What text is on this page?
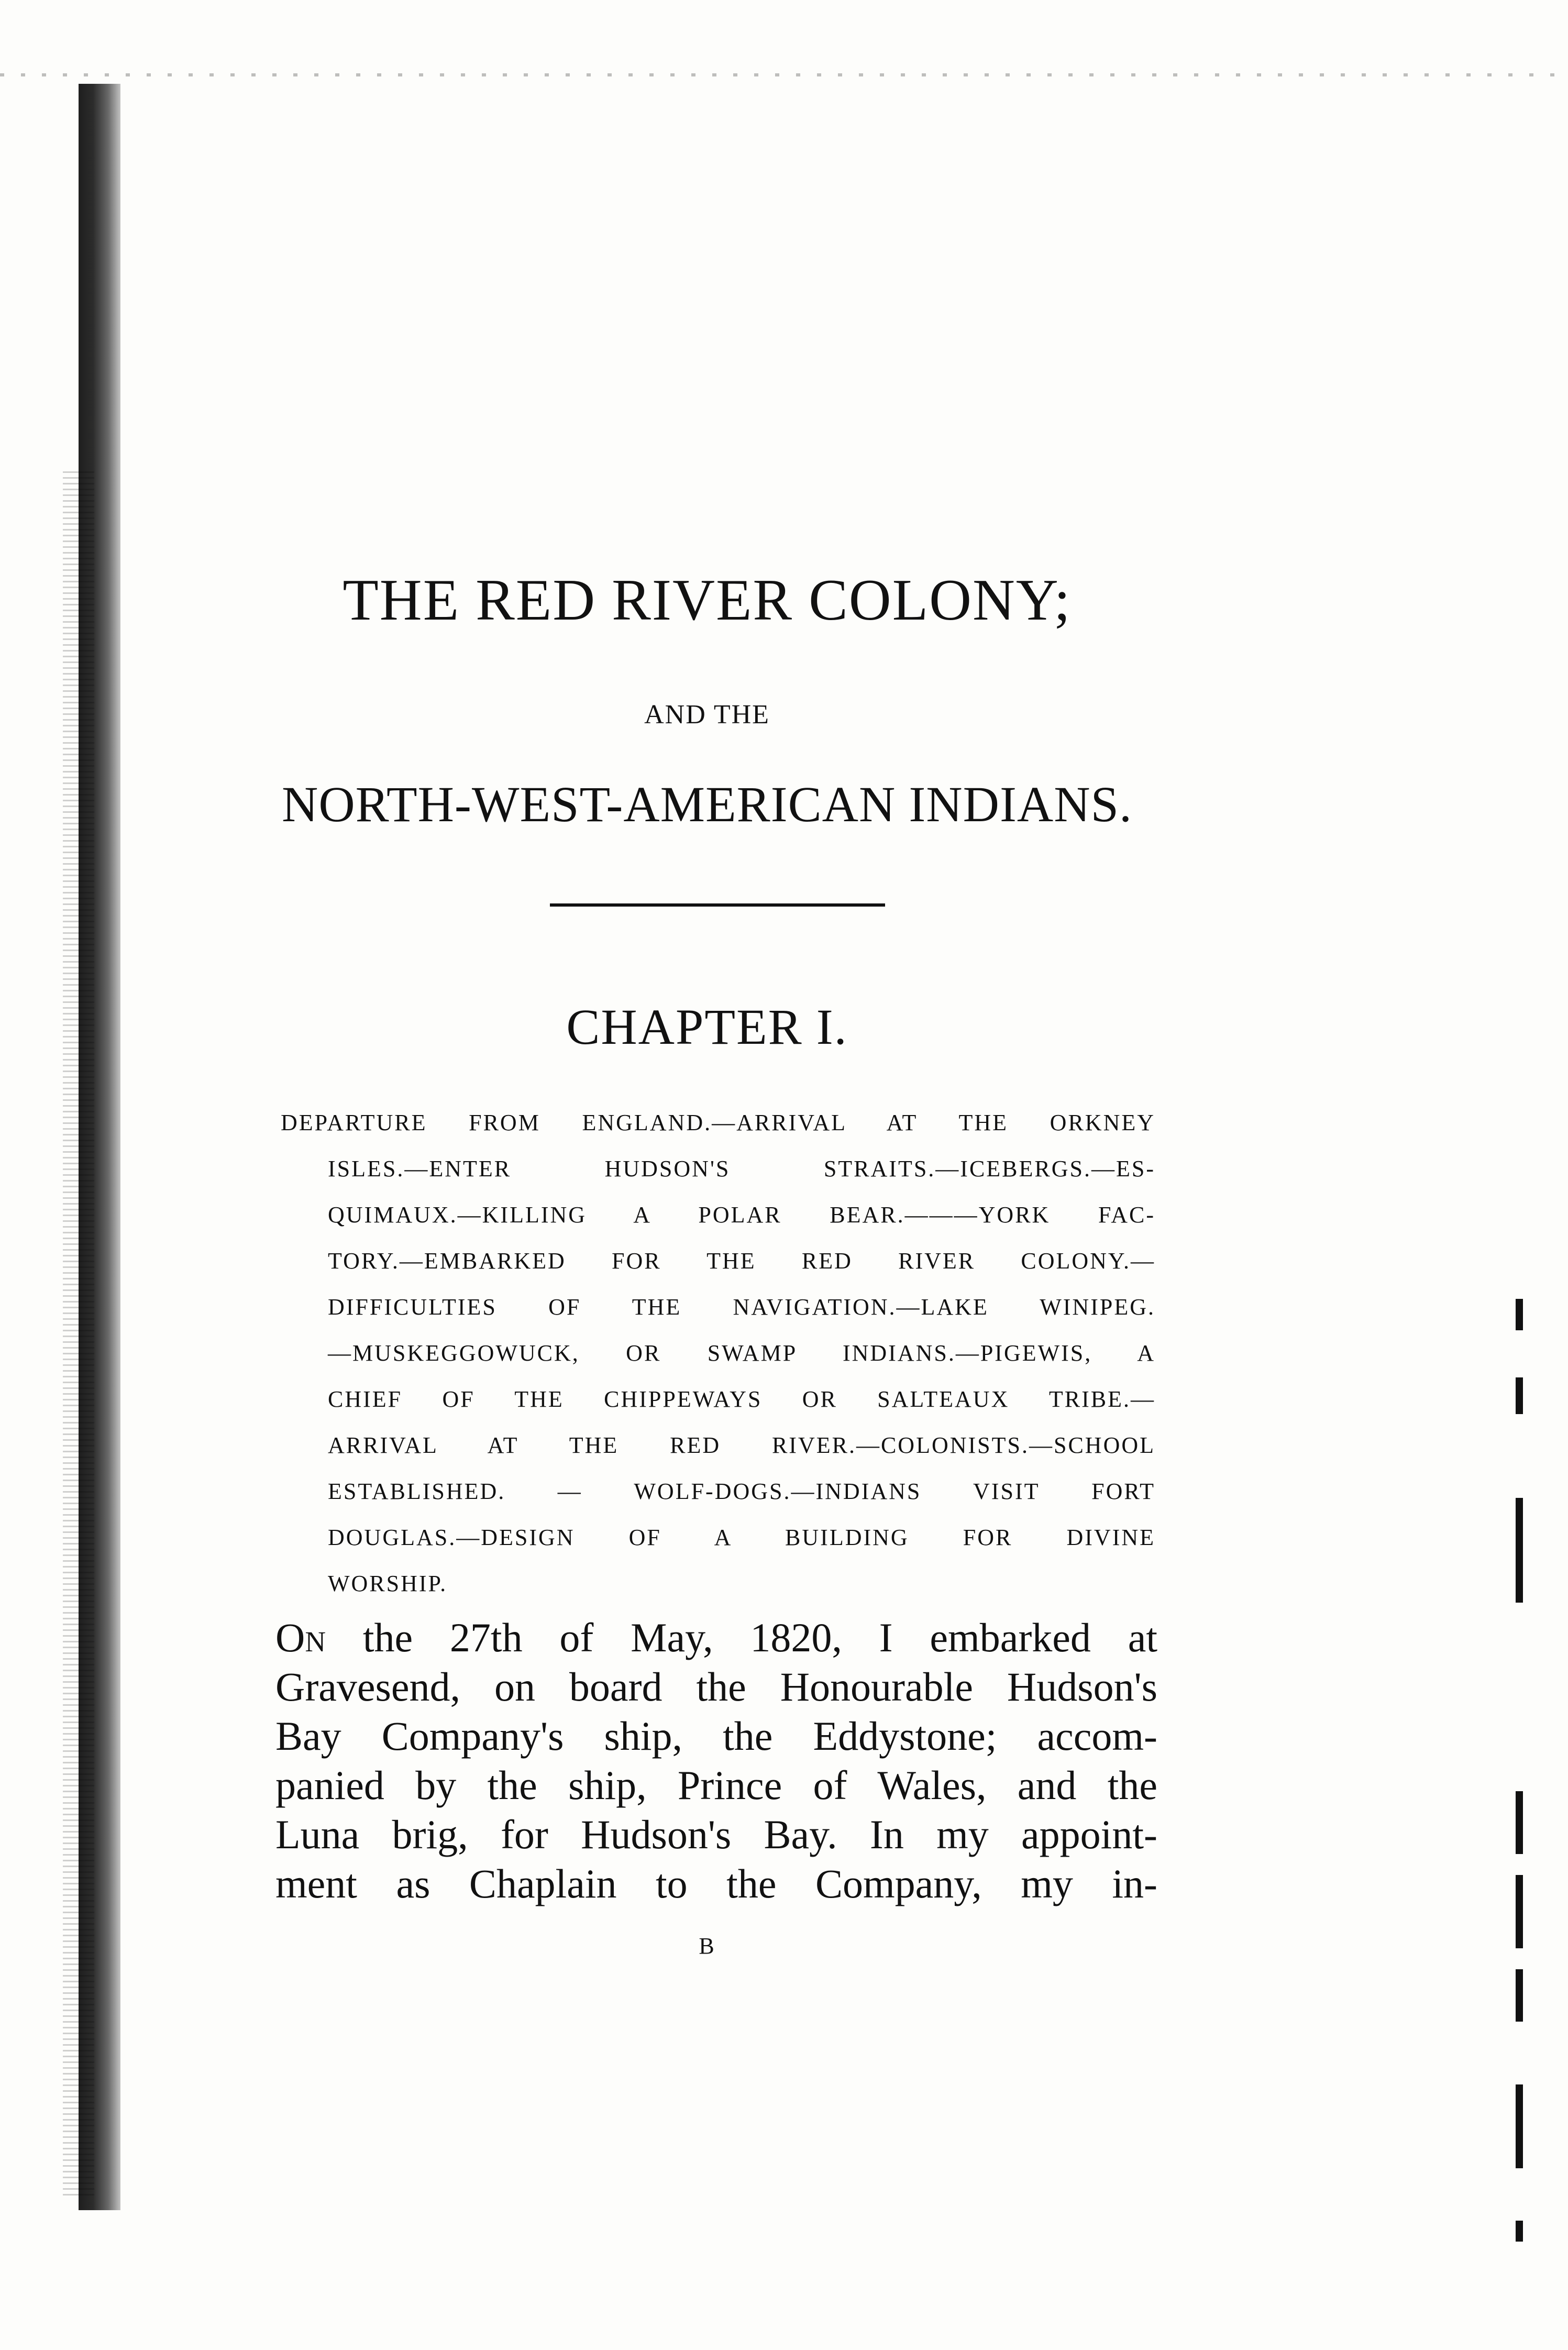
THE RED RIVER COLONY;
AND THE
NORTH-WEST-AMERICAN INDIANS.
CHAPTER I.
DEPARTURE FROM ENGLAND.—ARRIVAL AT THE ORKNEY
ISLES.—ENTER HUDSON'S STRAITS.—ICEBERGS.—ES-
QUIMAUX.—KILLING A POLAR BEAR.———YORK FAC-
TORY.—EMBARKED FOR THE RED RIVER COLONY.—
DIFFICULTIES OF THE NAVIGATION.—LAKE WINIPEG.
—MUSKEGGOWUCK, OR SWAMP INDIANS.—PIGEWIS, A
CHIEF OF THE CHIPPEWAYS OR SALTEAUX TRIBE.—
ARRIVAL AT THE RED RIVER.—COLONISTS.—SCHOOL
ESTABLISHED. — WOLF-DOGS.—INDIANS VISIT FORT
DOUGLAS.—DESIGN OF A BUILDING FOR DIVINE
WORSHIP.
On the 27th of May, 1820, I embarked at
Gravesend, on board the Honourable Hudson's
Bay Company's ship, the Eddystone; accom-
panied by the ship, Prince of Wales, and the
Luna brig, for Hudson's Bay. In my appoint-
ment as Chaplain to the Company, my in-
B
